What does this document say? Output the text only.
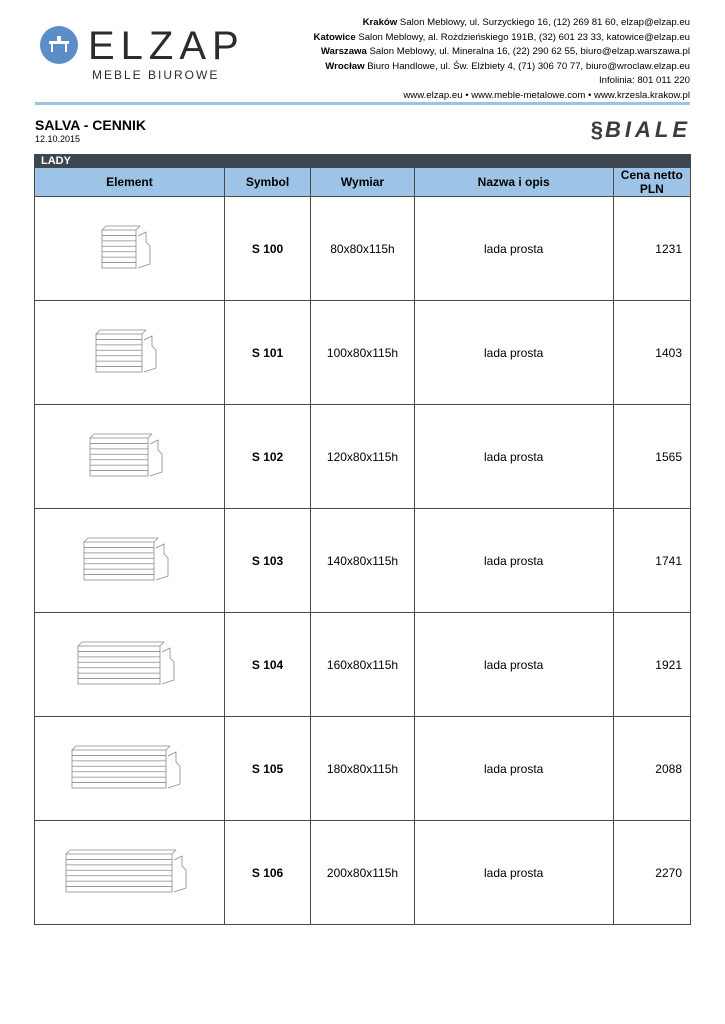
ELZAP
MEBLE BIUROWE
Kraków Salon Meblowy, ul. Surzyckiego 16, (12) 269 81 60, elzap@elzap.eu
Katowice Salon Meblowy, al. Rożdzieńskiego 191B, (32) 601 23 33, katowice@elzap.eu
Warszawa Salon Meblowy, ul. Mineralna 16, (22) 290 62 55, biuro@elzap.warszawa.pl
Wrocław Biuro Handlowe, ul. Św. Elżbiety 4, (71) 306 70 77, biuro@wroclaw.elzap.eu
Infolinia: 801 011 220
www.elzap.eu • www.meble-metalowe.com • www.krzesla.krakow.pl
SALVA - CENNIK
12.10.2015	§BIALE
LADY				
Element	Symbol	Wymiar	Nazwa i opis	Cena netto PLN

	S 100	80x80x115h	lada prosta	1231

	S 101	100x80x115h	lada prosta	1403

	S 102	120x80x115h	lada prosta	1565

	S 103	140x80x115h	lada prosta	1741

	S 104	160x80x115h	lada prosta	1921

	S 105	180x80x115h	lada prosta	2088

	S 106	200x80x115h	lada prosta	2270
